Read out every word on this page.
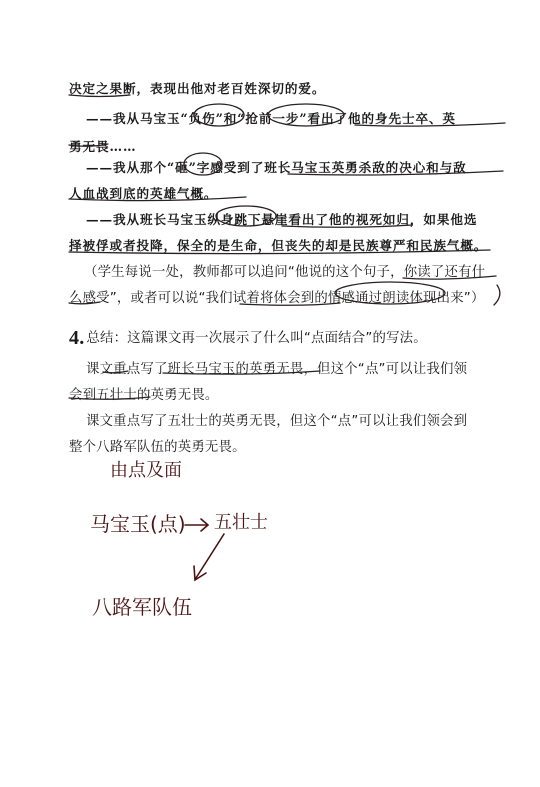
决定之果断，表现出他对老百姓深切的爱。
——我从马宝玉“负伤”和“抢前一步”看出了他的身先士卒、英
勇无畏……
——我从那个“砸”字感受到了班长马宝玉英勇杀敌的决心和与敌
人血战到底的英雄气概。
——我从班长马宝玉纵身跳下悬崖看出了他的视死如归，如果他选
择被俘或者投降，保全的是生命，但丧失的却是民族尊严和民族气概。
（学生每说一处，教师都可以追问“他说的这个句子，你读了还有什
么感受”，或者可以说“我们试着将体会到的情感通过朗读体现出来”）
4. 总结：这篇课文再一次展示了什么叫“点面结合”的写法。
课文重点写了班长马宝玉的英勇无畏，但这个“点”可以让我们领
会到五壮士的英勇无畏。
课文重点写了五壮士的英勇无畏，但这个“点”可以让我们领会到
整个八路军队伍的英勇无畏。
由点及面
马宝玉(点) 五壮士
八路军队伍
